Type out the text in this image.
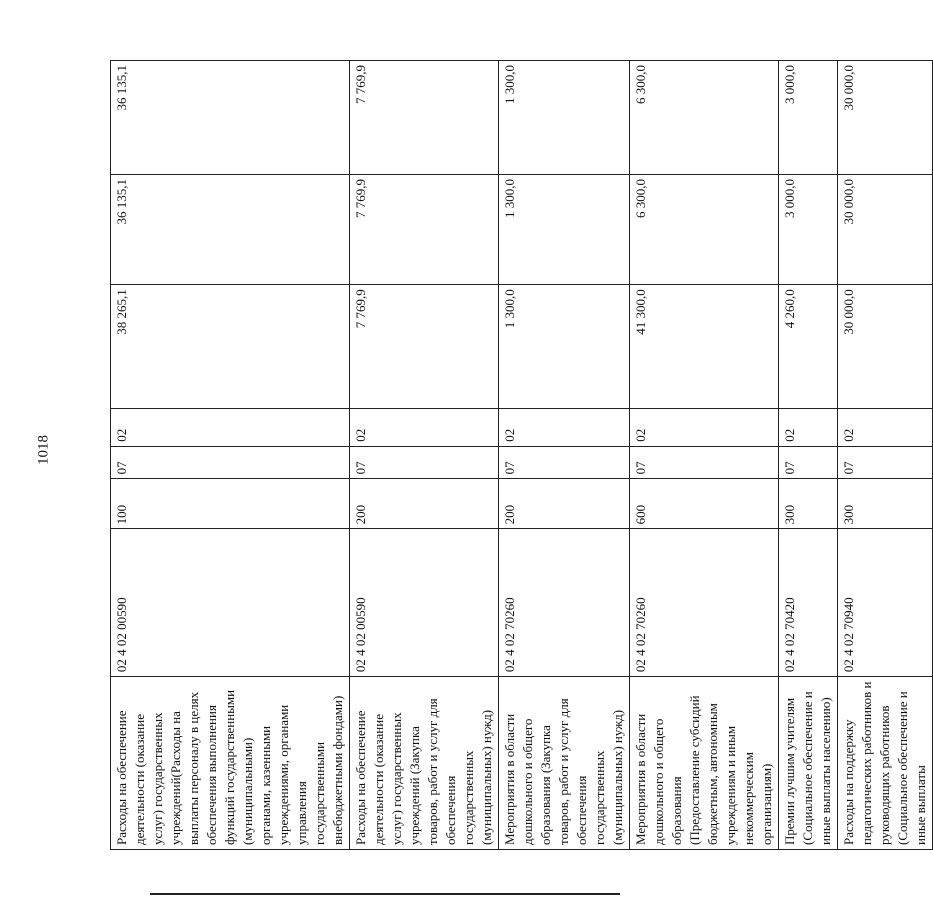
1018
Расходы на обеспечение деятельности (оказание услуг) государственных учреждений(Расходы на выплаты персоналу в целях обеспечения выполнения функций государственными (муниципальными) органами, казенными учреждениями, органами управления государственными внебюджетными фондами)	02 4 02 00590	100	07	02	38 265,1	36 135,1	36 135,1
Расходы на обеспечение деятельности (оказание услуг) государственных учреждений (Закупка товаров, работ и услуг для обеспечения государственных (муниципальных) нужд)	02 4 02 00590	200	07	02	7 769,9	7 769,9	7 769,9
Мероприятия в области дошкольного и общего образования (Закупка товаров, работ и услуг для обеспечения государственных (муниципальных) нужд)	02 4 02 70260	200	07	02	1 300,0	1 300,0	1 300,0
Мероприятия в области дошкольного и общего образования (Предоставление субсидий бюджетным, автономным учреждениям и иным некоммерческим организациям)	02 4 02 70260	600	07	02	41 300,0	6 300,0	6 300,0
Премии лучшим учителям (Социальное обеспечение и иные выплаты населению)	02 4 02 70420	300	07	02	4 260,0	3 000,0	3 000,0
Расходы на поддержку педагогических работников и руководящих работников (Социальное обеспечение и иные выплаты	02 4 02 70940	300	07	02	30 000,0	30 000,0	30 000,0
